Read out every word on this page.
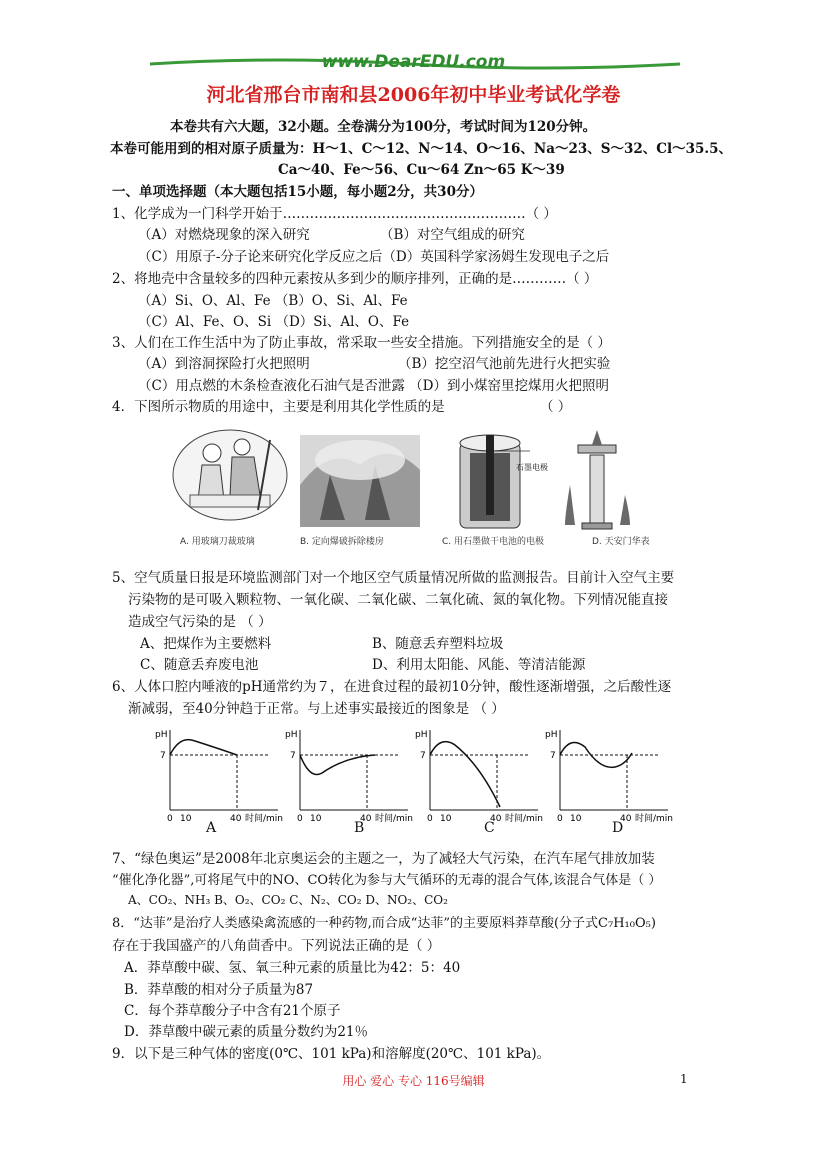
www.DearEDU.com
河北省邢台市南和县2006年初中毕业考试化学卷
本卷共有六大题，32小题。全卷满分为100分，考试时间为120分钟。
本卷可能用到的相对原子质量为：H～1、C～12、N～14、O～16、Na～23、S～32、Cl～35.5、
Ca～40、Fe～56、Cu～64 Zn～65 K～39
一、单项选择题（本大题包括15小题，每小题2分，共30分）
1、化学成为一门科学开始于………………………………………………（ ）
（A）对燃烧现象的深入研究	（B）对空气组成的研究
（C）用原子-分子论来研究化学反应之后（D）英国科学家汤姆生发现电子之后
2、将地壳中含量较多的四种元素按从多到少的顺序排列，正确的是…………（ ）
（A）Si、O、Al、Fe （B）O、Si、Al、Fe
（C）Al、Fe、O、Si （D）Si、Al、O、Fe
3、人们在工作生活中为了防止事故，常采取一些安全措施。下列措施安全的是（ ）
（A）到溶洞探险打火把照明	（B）挖空沼气池前先进行火把实验
（C）用点燃的木条检查液化石油气是否泄露 （D）到小煤窑里挖煤用火把照明
4．下图所示物质的用途中，主要是利用其化学性质的是	（ ）
石墨电极
A. 用玻璃刀裁玻璃	B. 定向爆破拆除楼房	C. 用石墨做干电池的电极	D. 天安门华表
5、空气质量日报是环境监测部门对一个地区空气质量情况所做的监测报告。目前计入空气主要
污染物的是可吸入颗粒物、一氧化碳、二氧化碳、二氧化硫、氮的氧化物。下列情况能直接
造成空气污染的是 （ ）
A、把煤作为主要燃料	B、随意丢弃塑料垃圾
C、随意丢弃废电池	D、利用太阳能、风能、等清洁能源
6、人体口腔内唾液的pH通常约为７，在进食过程的最初10分钟，酸性逐渐增强，之后酸性逐
渐减弱，至40分钟趋于正常。与上述事实最接近的图象是 （ ）
pH
7
0 10	40 时间/min
pH
7
0 10	40 时间/min
pH
7
0 10	40 时间/min
pH
7
0 10	40 时间/min
A	B	C	D
7、“绿色奥运”是2008年北京奥运会的主题之一，为了减轻大气污染，在汽车尾气排放加装
“催化净化器”,可将尾气中的NO、CO转化为参与大气循环的无毒的混合气体,该混合气体是（ ）
A、CO₂、NH₃ B、O₂、CO₂ C、N₂、CO₂ D、NO₂、CO₂
8．“达菲”是治疗人类感染禽流感的一种药物,而合成“达菲”的主要原料莽草酸(分子式C₇H₁₀O₅)
存在于我国盛产的八角茴香中。下列说法正确的是（ ）
A．莽草酸中碳、氢、氧三种元素的质量比为42：5：40
B．莽草酸的相对分子质量为87
C．每个莽草酸分子中含有21个原子
D．莽草酸中碳元素的质量分数约为21％
9．以下是三种气体的密度(0℃、101 kPa)和溶解度(20℃、101 kPa)。
用心 爱心 专心 116号编辑	1
